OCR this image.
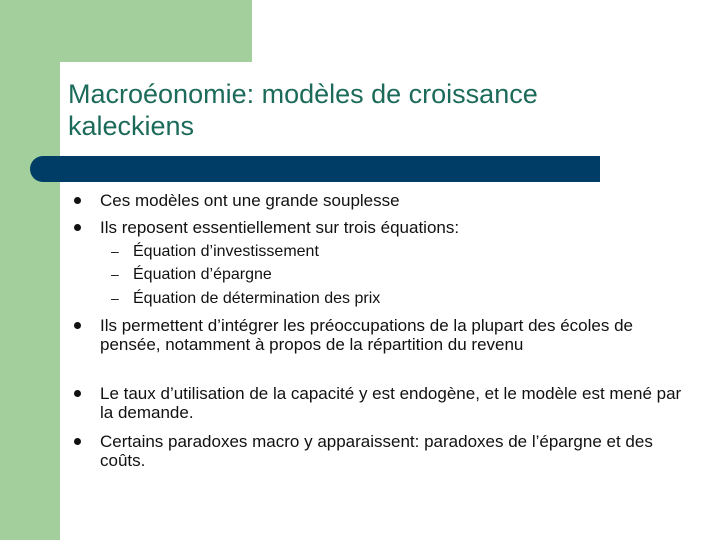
Macroéonomie: modèles de croissance
kaleckiens
Ces modèles ont une grande souplesse
Ils reposent essentiellement sur trois équations:
– Équation d’investissement
– Équation d’épargne
– Équation de détermination des prix
Ils permettent d’intégrer les préoccupations de la plupart des écoles de pensée, notamment à propos de la répartition du revenu
Le taux d’utilisation de la capacité y est endogène, et le modèle est mené par la demande.
Certains paradoxes macro y apparaissent: paradoxes de l’épargne et des coûts.
